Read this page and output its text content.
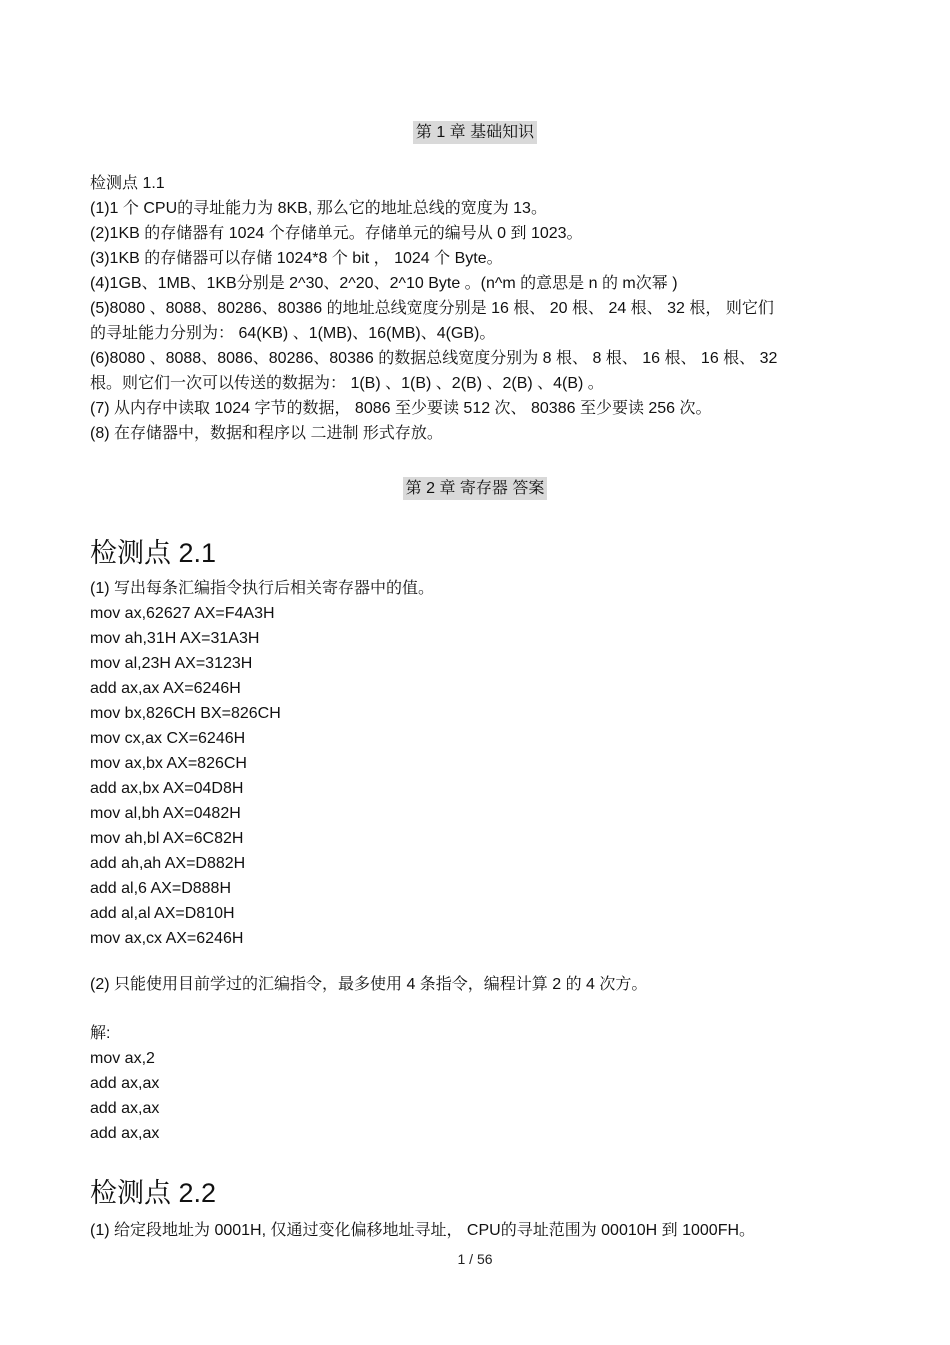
第 1 章 基础知识
检测点 1.1
(1)1 个 CPU的寻址能力为 8KB, 那么它的地址总线的宽度为 13。
(2)1KB 的存储器有 1024 个存储单元。存储单元的编号从 0 到 1023。
(3)1KB 的存储器可以存储 1024*8 个 bit ， 1024 个 Byte。
(4)1GB、1MB、1KB分别是 2^30、2^20、2^10 Byte 。(n^m 的意思是 n 的 m次幂 )
(5)8080 、8088、80286、80386 的地址总线宽度分别是 16 根、 20 根、 24 根、 32 根， 则它们
的寻址能力分别为： 64(KB) 、1(MB)、16(MB)、4(GB)。
(6)8080 、8088、8086、80286、80386 的数据总线宽度分别为 8 根、 8 根、 16 根、 16 根、 32
根。则它们一次可以传送的数据为： 1(B) 、1(B) 、2(B) 、2(B) 、4(B) 。
(7) 从内存中读取 1024 字节的数据， 8086 至少要读 512 次、 80386 至少要读 256 次。
(8) 在存储器中，数据和程序以 二进制 形式存放。
第 2 章 寄存器 答案
检测点 2.1
(1) 写出每条汇编指令执行后相关寄存器中的值。
mov ax,62627 AX=F4A3H
mov ah,31H AX=31A3H
mov al,23H AX=3123H
add ax,ax AX=6246H
mov bx,826CH BX=826CH
mov cx,ax CX=6246H
mov ax,bx AX=826CH
add ax,bx AX=04D8H
mov al,bh AX=0482H
mov ah,bl AX=6C82H
add ah,ah AX=D882H
add al,6 AX=D888H
add al,al AX=D810H
mov ax,cx AX=6246H
(2) 只能使用目前学过的汇编指令，最多使用 4 条指令，编程计算 2 的 4 次方。
解:
mov ax,2
add ax,ax
add ax,ax
add ax,ax
检测点 2.2
(1) 给定段地址为 0001H, 仅通过变化偏移地址寻址， CPU的寻址范围为 00010H 到 1000FH。
1 / 56
